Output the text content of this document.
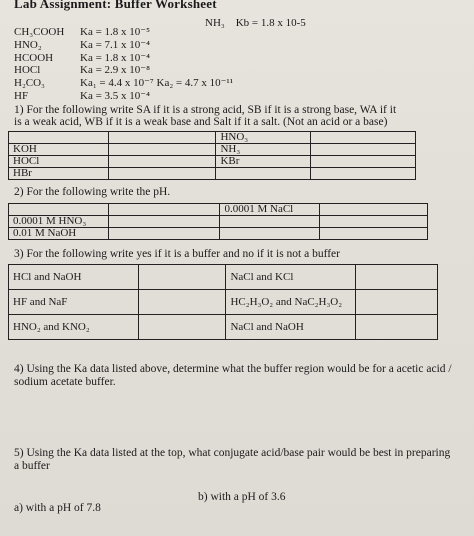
Lab Assignment: Buffer Worksheet
CH₃COOH	Ka = 1.8 x 10⁻⁵
HNO₂	Ka = 7.1 x 10⁻⁴
HCOOH	Ka = 1.8 x 10⁻⁴
HOCl	Ka = 2.9 x 10⁻⁸
H₂CO₃	Ka₁ = 4.4 x 10⁻⁷ Ka₂ = 4.7 x 10⁻¹¹
HF	Ka = 3.5 x 10⁻⁴
NH₃ Kb = 1.8 x 10-5
1) For the following write SA if it is a strong acid, SB if it is a strong base, WA if it is a weak acid, WB if it is a weak base and Salt if it a salt. (Not an acid or a base)
		HNO₃	
KOH		NH₃	
HOCl		KBr	
HBr			
2) For the following write the pH.
		0.0001 M NaCl	
0.0001 M HNO₃			
0.01 M NaOH			
3) For the following write yes if it is a buffer and no if it is not a buffer
HCl and NaOH		NaCl and KCl	
HF and NaF		HC₂H₃O₂ and NaC₂H₃O₂	
HNO₂ and KNO₂		NaCl and NaOH	
4) Using the Ka data listed above, determine what the buffer region would be for a acetic acid / sodium acetate buffer.
5) Using the Ka data listed at the top, what conjugate acid/base pair would be best in preparing a buffer
a) with a pH of 7.8
b) with a pH of 3.6
